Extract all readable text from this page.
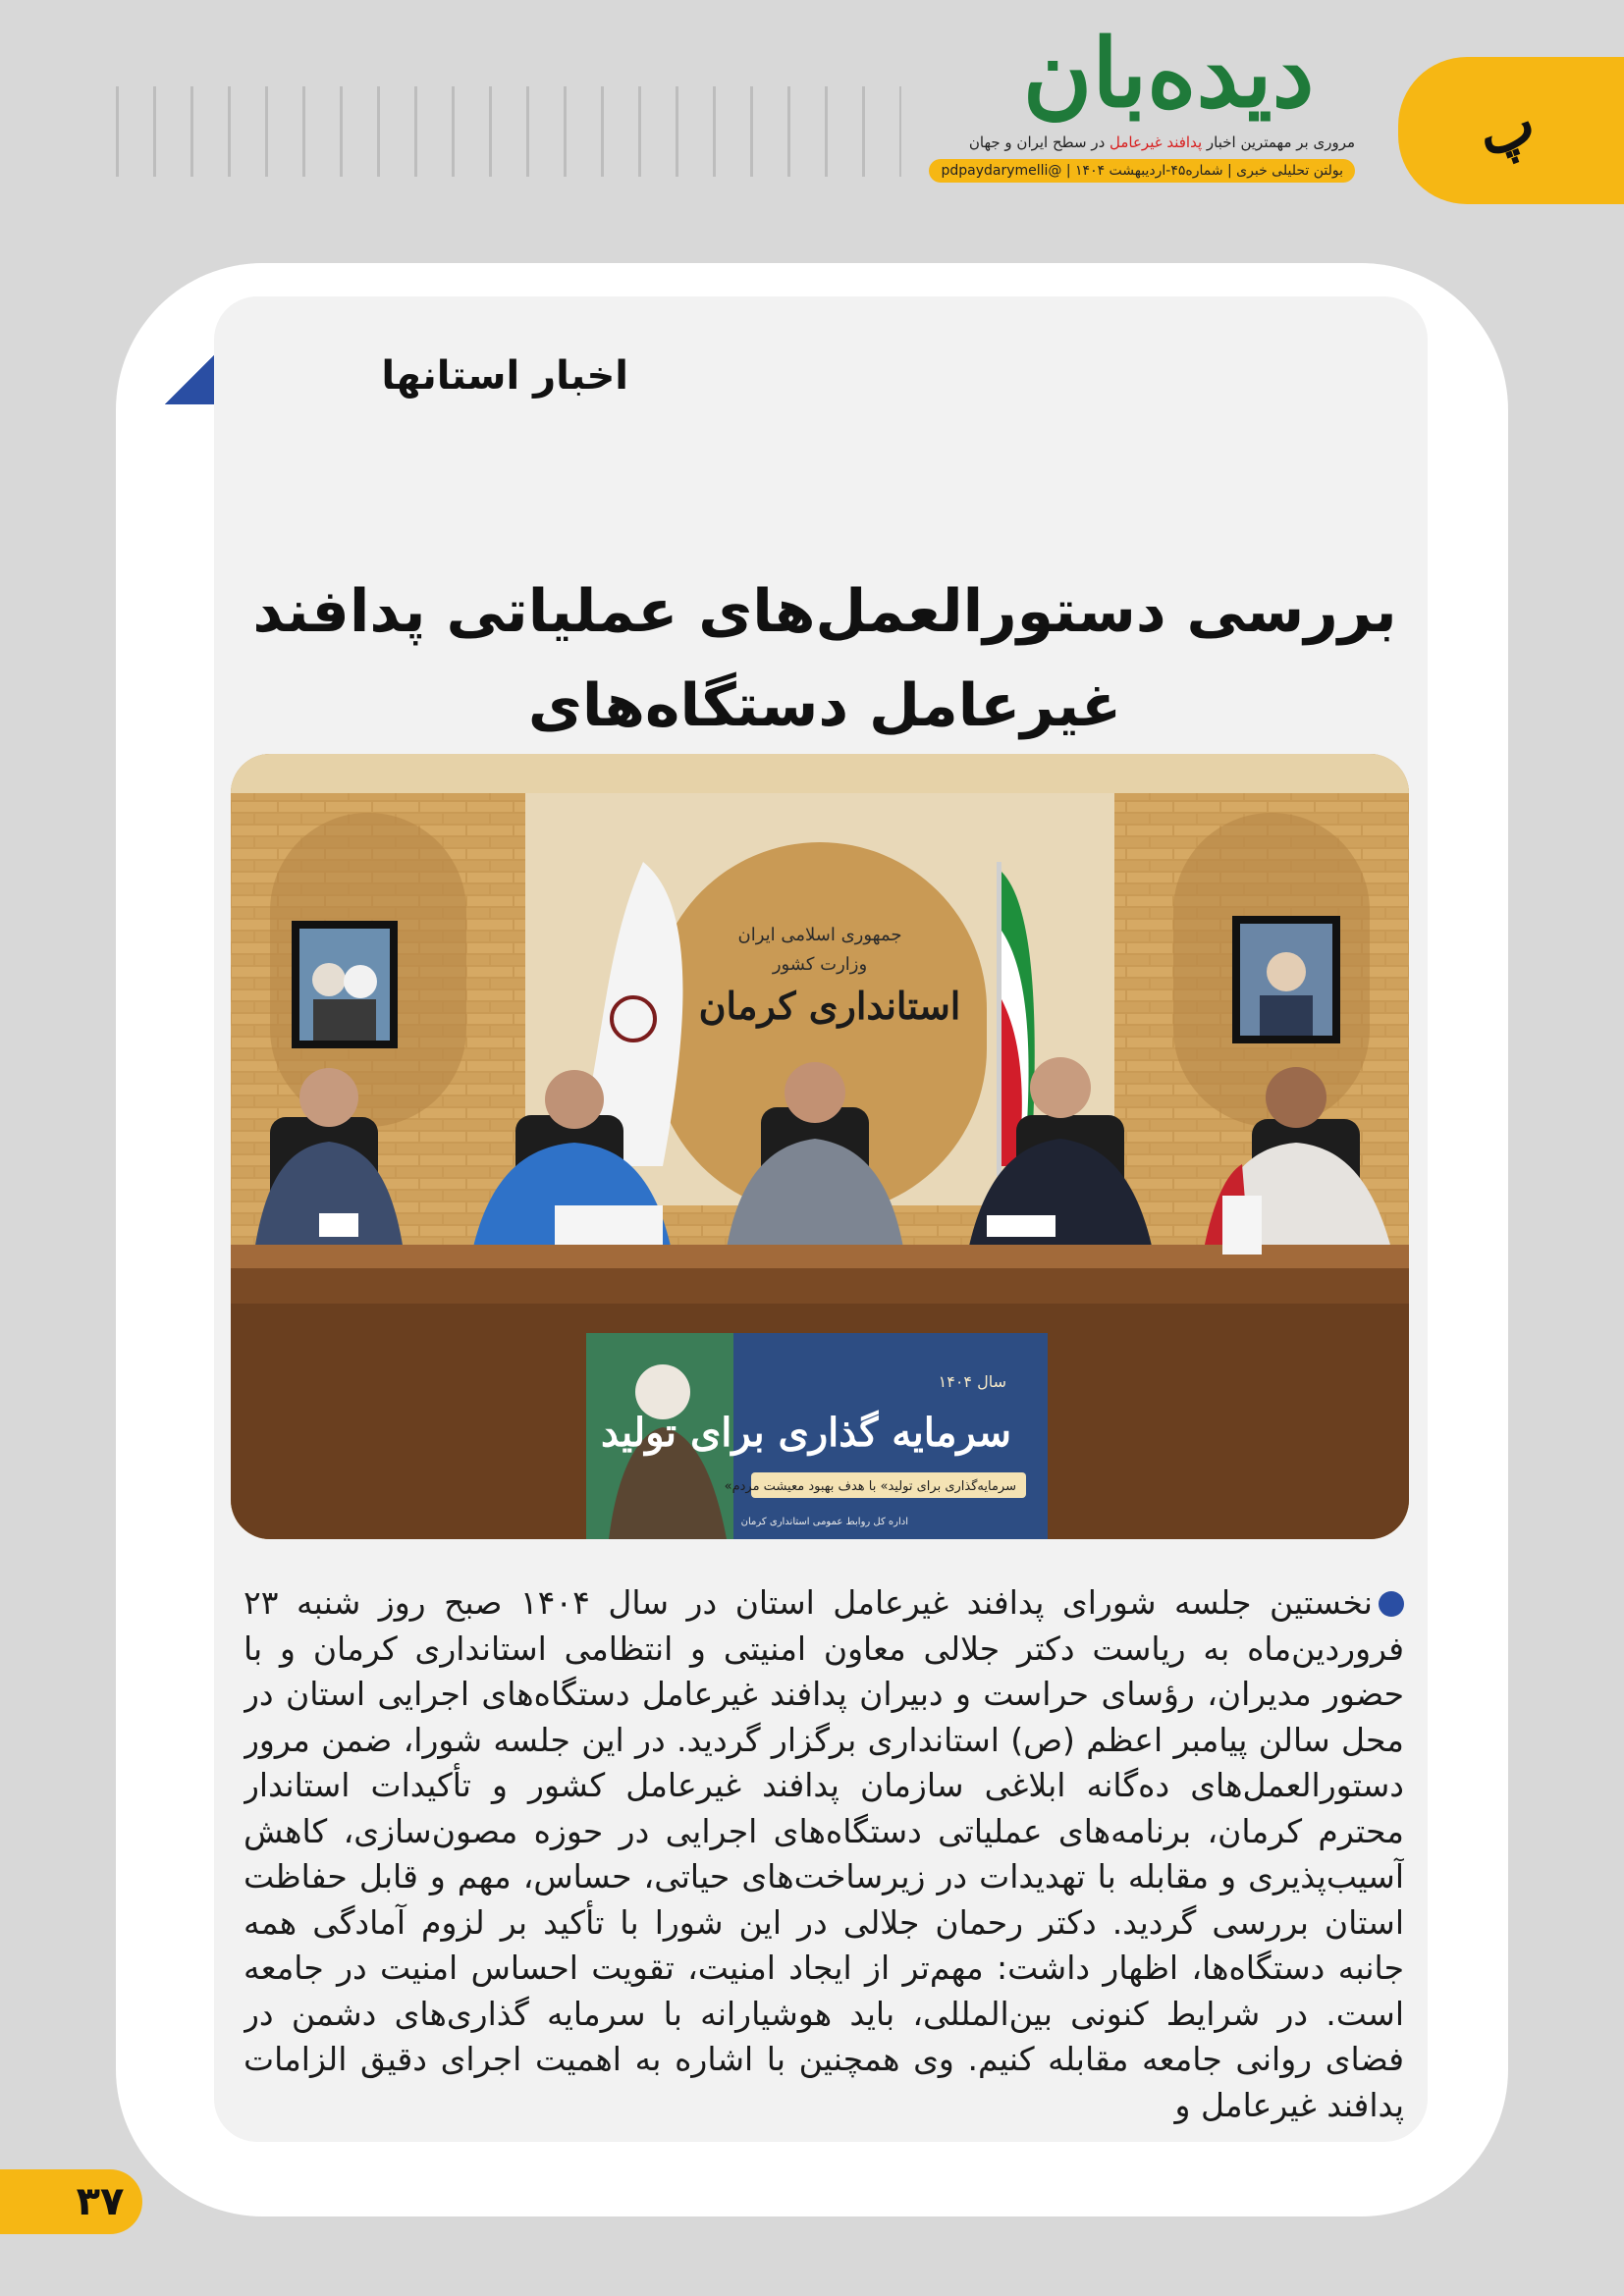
پ
دیده‌بان
مروری بر مهمترین اخبار پدافند غیرعامل در سطح ایران و جهان
بولتن تحلیلی خبری | شماره۴۵-اردیبهشت ۱۴۰۴ | @pdpaydarymelli
اخبار استانها
بررسی دستورالعمل‌های عملیاتی پدافند غیرعامل دستگاه‌های
جمهوری اسلامی ایران
وزارت کشور
استانداری کرمان
سال ۱۴۰۴
سرمایه گذاری برای تولید
«سرمایه‌گذاری برای تولید» با هدف بهبود معیشت مردم
اداره کل روابط عمومی استانداری کرمان
نخستین جلسه شورای پدافند غیرعامل استان در سال ۱۴۰۴ صبح روز شنبه ۲۳ فروردین‌ماه به ریاست دکتر جلالی معاون امنیتی و انتظامی استانداری کرمان و با حضور مدیران، رؤسای حراست و دبیران پدافند غیرعامل دستگاه‌های اجرایی استان در محل سالن پیامبر اعظم (ص) استانداری برگزار گردید. در این جلسه شورا، ضمن مرور دستورالعمل‌های ده‌گانه ابلاغی سازمان پدافند غیرعامل کشور و تأکیدات استاندار محترم کرمان، برنامه‌های عملیاتی دستگاه‌های اجرایی در حوزه مصون‌سازی، کاهش آسیب‌پذیری و مقابله با تهدیدات در زیرساخت‌های حیاتی، حساس، مهم و قابل حفاظت استان بررسی گردید. دکتر رحمان جلالی در این شورا با تأکید بر لزوم آمادگی همه جانبه دستگاه‌ها، اظهار داشت: مهم‌تر از ایجاد امنیت، تقویت احساس امنیت در جامعه است. در شرایط کنونی بین‌المللی، باید هوشیارانه با سرمایه گذاری‌های دشمن در فضای روانی جامعه مقابله کنیم. وی همچنین با اشاره به اهمیت اجرای دقیق الزامات پدافند غیرعامل و
۳۷
